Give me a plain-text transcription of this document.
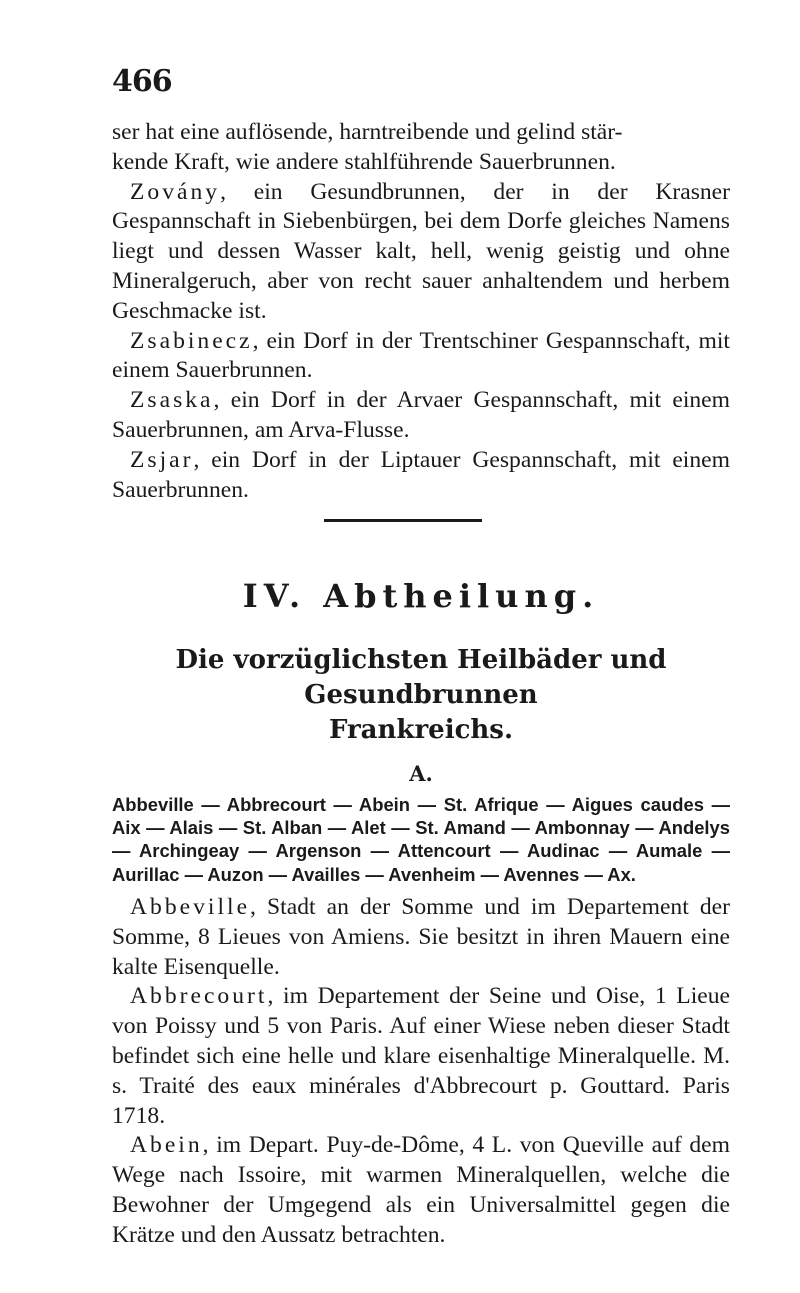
466

ser hat eine auflösende, harntreibende und gelind stär-

kende Kraft, wie andere stahlführende Sauerbrunnen.

Zovány, ein Gesundbrunnen, der in der Krasner Gespannschaft in Siebenbürgen, bei dem Dorfe gleiches Namens liegt und dessen Wasser kalt, hell, wenig geistig und ohne Mineralgeruch, aber von recht sauer anhaltendem und herbem Geschmacke ist.

Zsabinecz, ein Dorf in der Trentschiner Gespannschaft, mit einem Sauerbrunnen.

Zsaska, ein Dorf in der Arvaer Gespannschaft, mit einem Sauerbrunnen, am Arva-Flusse.

Zsjar, ein Dorf in der Liptauer Gespannschaft, mit einem Sauerbrunnen.

IV. Abtheilung.
Die vorzüglichsten Heilbäder und Gesundbrunnen
Frankreichs.
A.
Abbeville — Abbrecourt — Abein — St. Afrique — Aigues caudes — Aix — Alais — St. Alban — Alet — St. Amand — Ambonnay — Andelys — Archingeay — Argenson — Attencourt — Audinac — Aumale — Aurillac — Auzon — Availles — Avenheim — Avennes — Ax.

Abbeville, Stadt an der Somme und im Departement der Somme, 8 Lieues von Amiens. Sie besitzt in ihren Mauern eine kalte Eisenquelle.

Abbrecourt, im Departement der Seine und Oise, 1 Lieue von Poissy und 5 von Paris. Auf einer Wiese neben dieser Stadt befindet sich eine helle und klare eisenhaltige Mineralquelle. M. s. Traité des eaux minérales d'Abbrecourt p. Gouttard. Paris 1718.

Abein, im Depart. Puy-de-Dôme, 4 L. von Queville auf dem Wege nach Issoire, mit warmen Mineralquellen, welche die Bewohner der Umgegend als ein Universalmittel gegen die Krätze und den Aussatz betrachten.
